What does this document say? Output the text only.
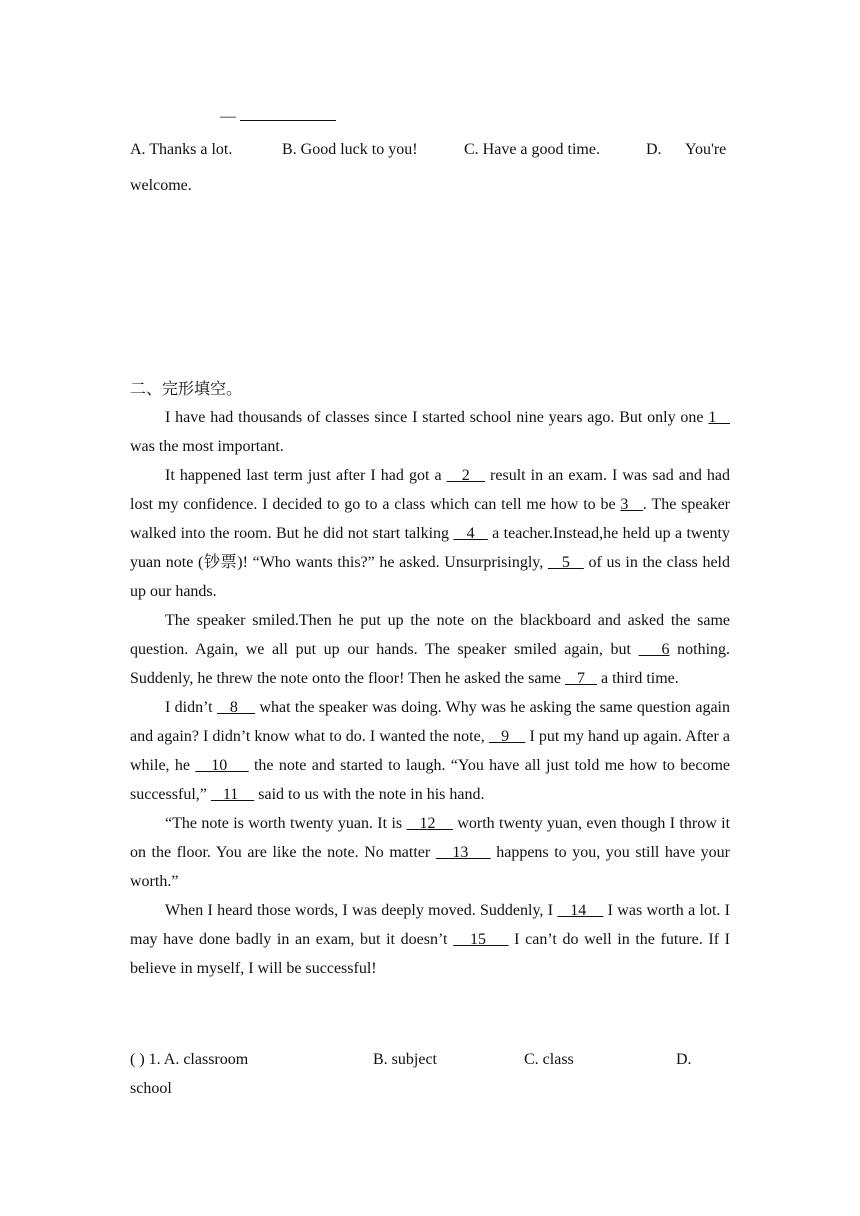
—
A. Thanks a lot.	B. Good luck to you!	C. Have a good time.	D. You're
welcome.
二、完形填空。

I have had thousands of classes since I started school nine years ago. But only one 1    was the most important.

It happened last term just after I had got a    2    result in an exam. I was sad and had lost my confidence. I decided to go to a class which can tell me how to be 3   . The speaker walked into the room. But he did not start talking    4    a teacher.Instead,he held up a twenty yuan note (钞票)! “Who wants this?” he asked. Unsurprisingly,    5    of us in the class held up our hands.

The speaker smiled.Then he put up the note on the blackboard and asked the same question. Again, we all put up our hands. The speaker smiled again, but    6 nothing. Suddenly, he threw the note onto the floor! Then he asked the same    7    a third time.

I didn’t    8     what the speaker was doing. Why was he asking the same question again and again? I didn’t know what to do. I wanted the note,    9     I put my hand up again. After a while, he    10     the note and started to laugh. “You have all just told me how to become successful,”    11     said to us with the note in his hand.

“The note is worth twenty yuan. It is    12     worth twenty yuan, even though I throw it on the floor. You are like the note. No matter    13     happens to you, you still have your worth.”

When I heard those words, I was deeply moved. Suddenly, I    14     I was worth a lot. I may have done badly in an exam, but it doesn’t    15     I can’t do well in the future. If I believe in myself, I will be successful!

( ) 1. A. classroom	B. subject	C. class	D.
school
